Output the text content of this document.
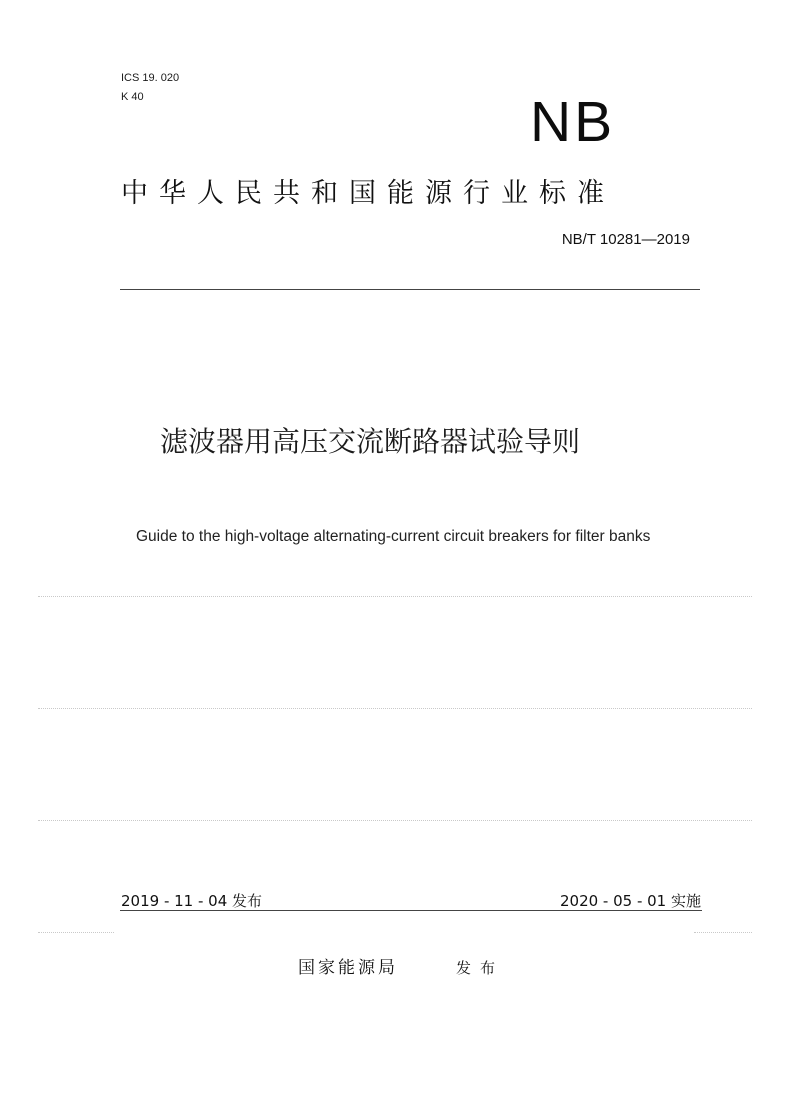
ICS 19. 020
K 40	NB
中华人民共和国能源行业标准
NB/T 10281—2019
滤波器用高压交流断路器试验导则
Guide to the high-voltage alternating-current circuit breakers for filter banks
2019 - 11 - 04 发布	2020 - 05 - 01 实施
国家能源局	发布
